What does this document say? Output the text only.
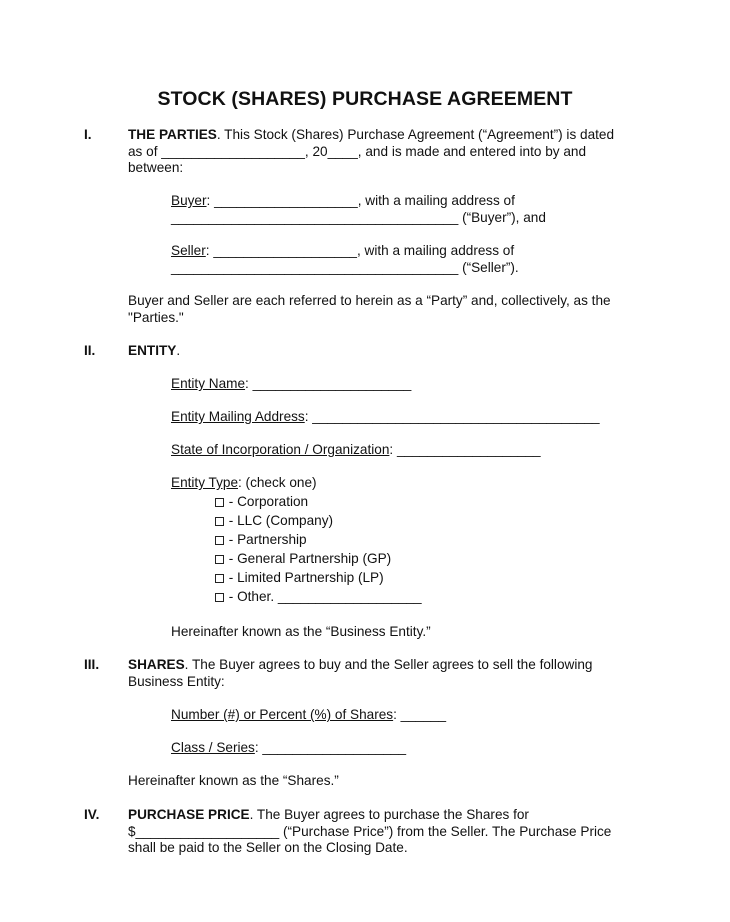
STOCK (SHARES) PURCHASE AGREEMENT
I.	THE PARTIES. This Stock (Shares) Purchase Agreement (“Agreement”) is dated
as of ___________________, 20____, and is made and entered into by and
between:
Buyer: ___________________, with a mailing address of
______________________________________ (“Buyer”), and
Seller: ___________________, with a mailing address of
______________________________________ (“Seller”).
Buyer and Seller are each referred to herein as a “Party” and, collectively, as the
"Parties."
II. ENTITY.
Entity Name: _____________________
Entity Mailing Address: ______________________________________
State of Incorporation / Organization: ___________________
Entity Type: (check one)
- Corporation
- LLC (Company)
- Partnership
- General Partnership (GP)
- Limited Partnership (LP)
- Other. ___________________
Hereinafter known as the “Business Entity.”
III. SHARES. The Buyer agrees to buy and the Seller agrees to sell the following
Business Entity:
Number (#) or Percent (%) of Shares: ______
Class / Series: ___________________
Hereinafter known as the “Shares.”
IV. PURCHASE PRICE. The Buyer agrees to purchase the Shares for
$___________________ (“Purchase Price”) from the Seller. The Purchase Price
shall be paid to the Seller on the Closing Date.
